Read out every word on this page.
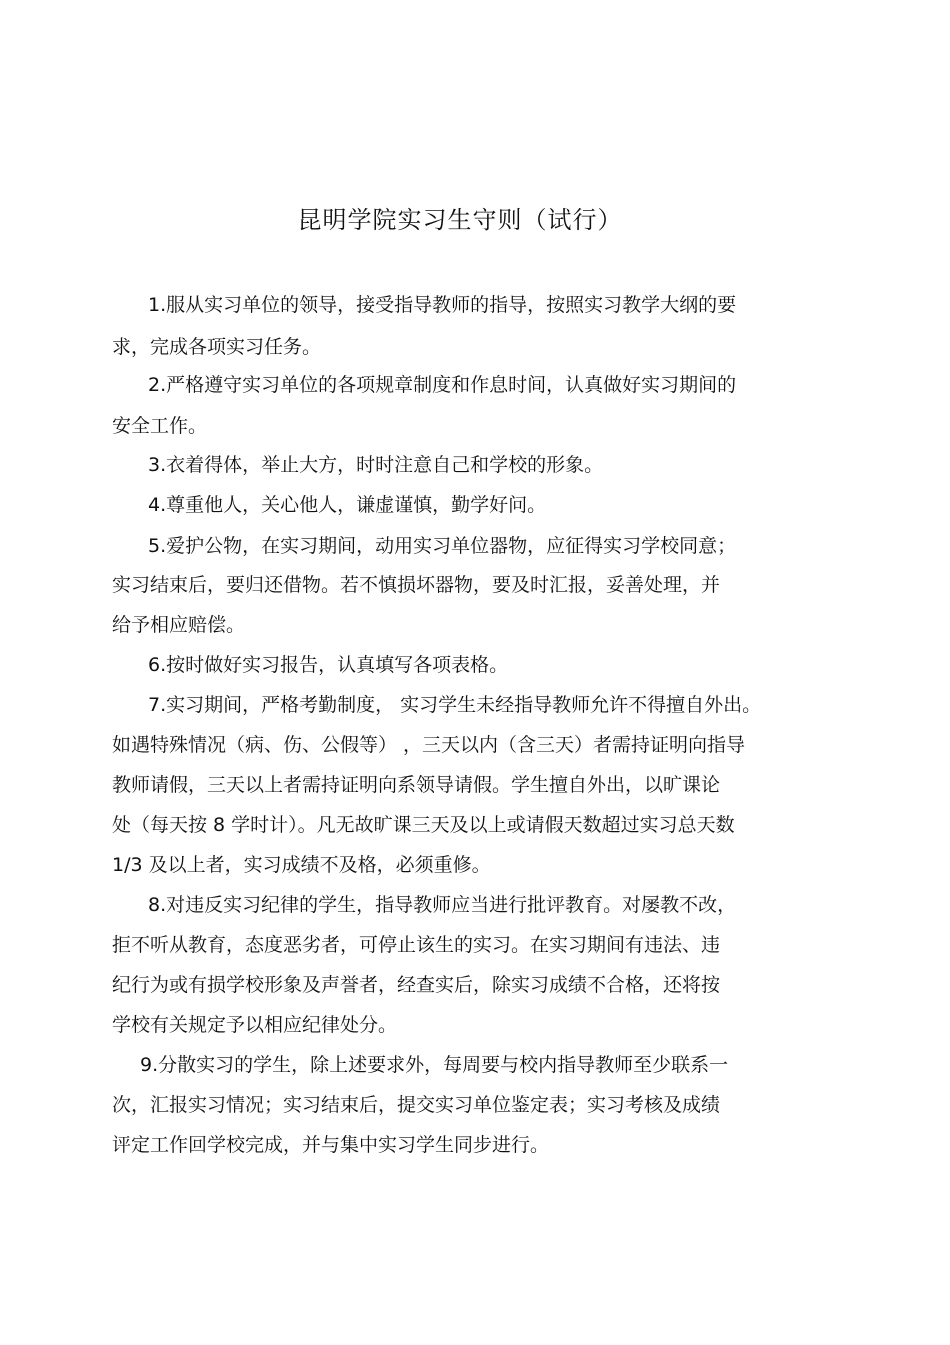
昆明学院实习生守则（试行）
1.服从实习单位的领导，接受指导教师的指导，按照实习教学大纲的要
求，完成各项实习任务。
2.严格遵守实习单位的各项规章制度和作息时间，认真做好实习期间的
安全工作。
3.衣着得体，举止大方，时时注意自己和学校的形象。
4.尊重他人，关心他人，谦虚谨慎，勤学好问。
5.爱护公物，在实习期间，动用实习单位器物，应征得实习学校同意；
实习结束后，要归还借物。若不慎损坏器物，要及时汇报，妥善处理，并
给予相应赔偿。
6.按时做好实习报告，认真填写各项表格。
7.实习期间，严格考勤制度， 实习学生未经指导教师允许不得擅自外出。
如遇特殊情况（病、伤、公假等） ，三天以内（含三天）者需持证明向指导
教师请假，三天以上者需持证明向系领导请假。学生擅自外出，以旷课论
处（每天按 8 学时计）。凡无故旷课三天及以上或请假天数超过实习总天数
1/3 及以上者，实习成绩不及格，必须重修。
8.对违反实习纪律的学生，指导教师应当进行批评教育。对屡教不改，
拒不听从教育，态度恶劣者，可停止该生的实习。在实习期间有违法、违
纪行为或有损学校形象及声誉者，经查实后，除实习成绩不合格，还将按
学校有关规定予以相应纪律处分。
9.分散实习的学生，除上述要求外，每周要与校内指导教师至少联系一
次，汇报实习情况；实习结束后，提交实习单位鉴定表；实习考核及成绩
评定工作回学校完成，并与集中实习学生同步进行。
